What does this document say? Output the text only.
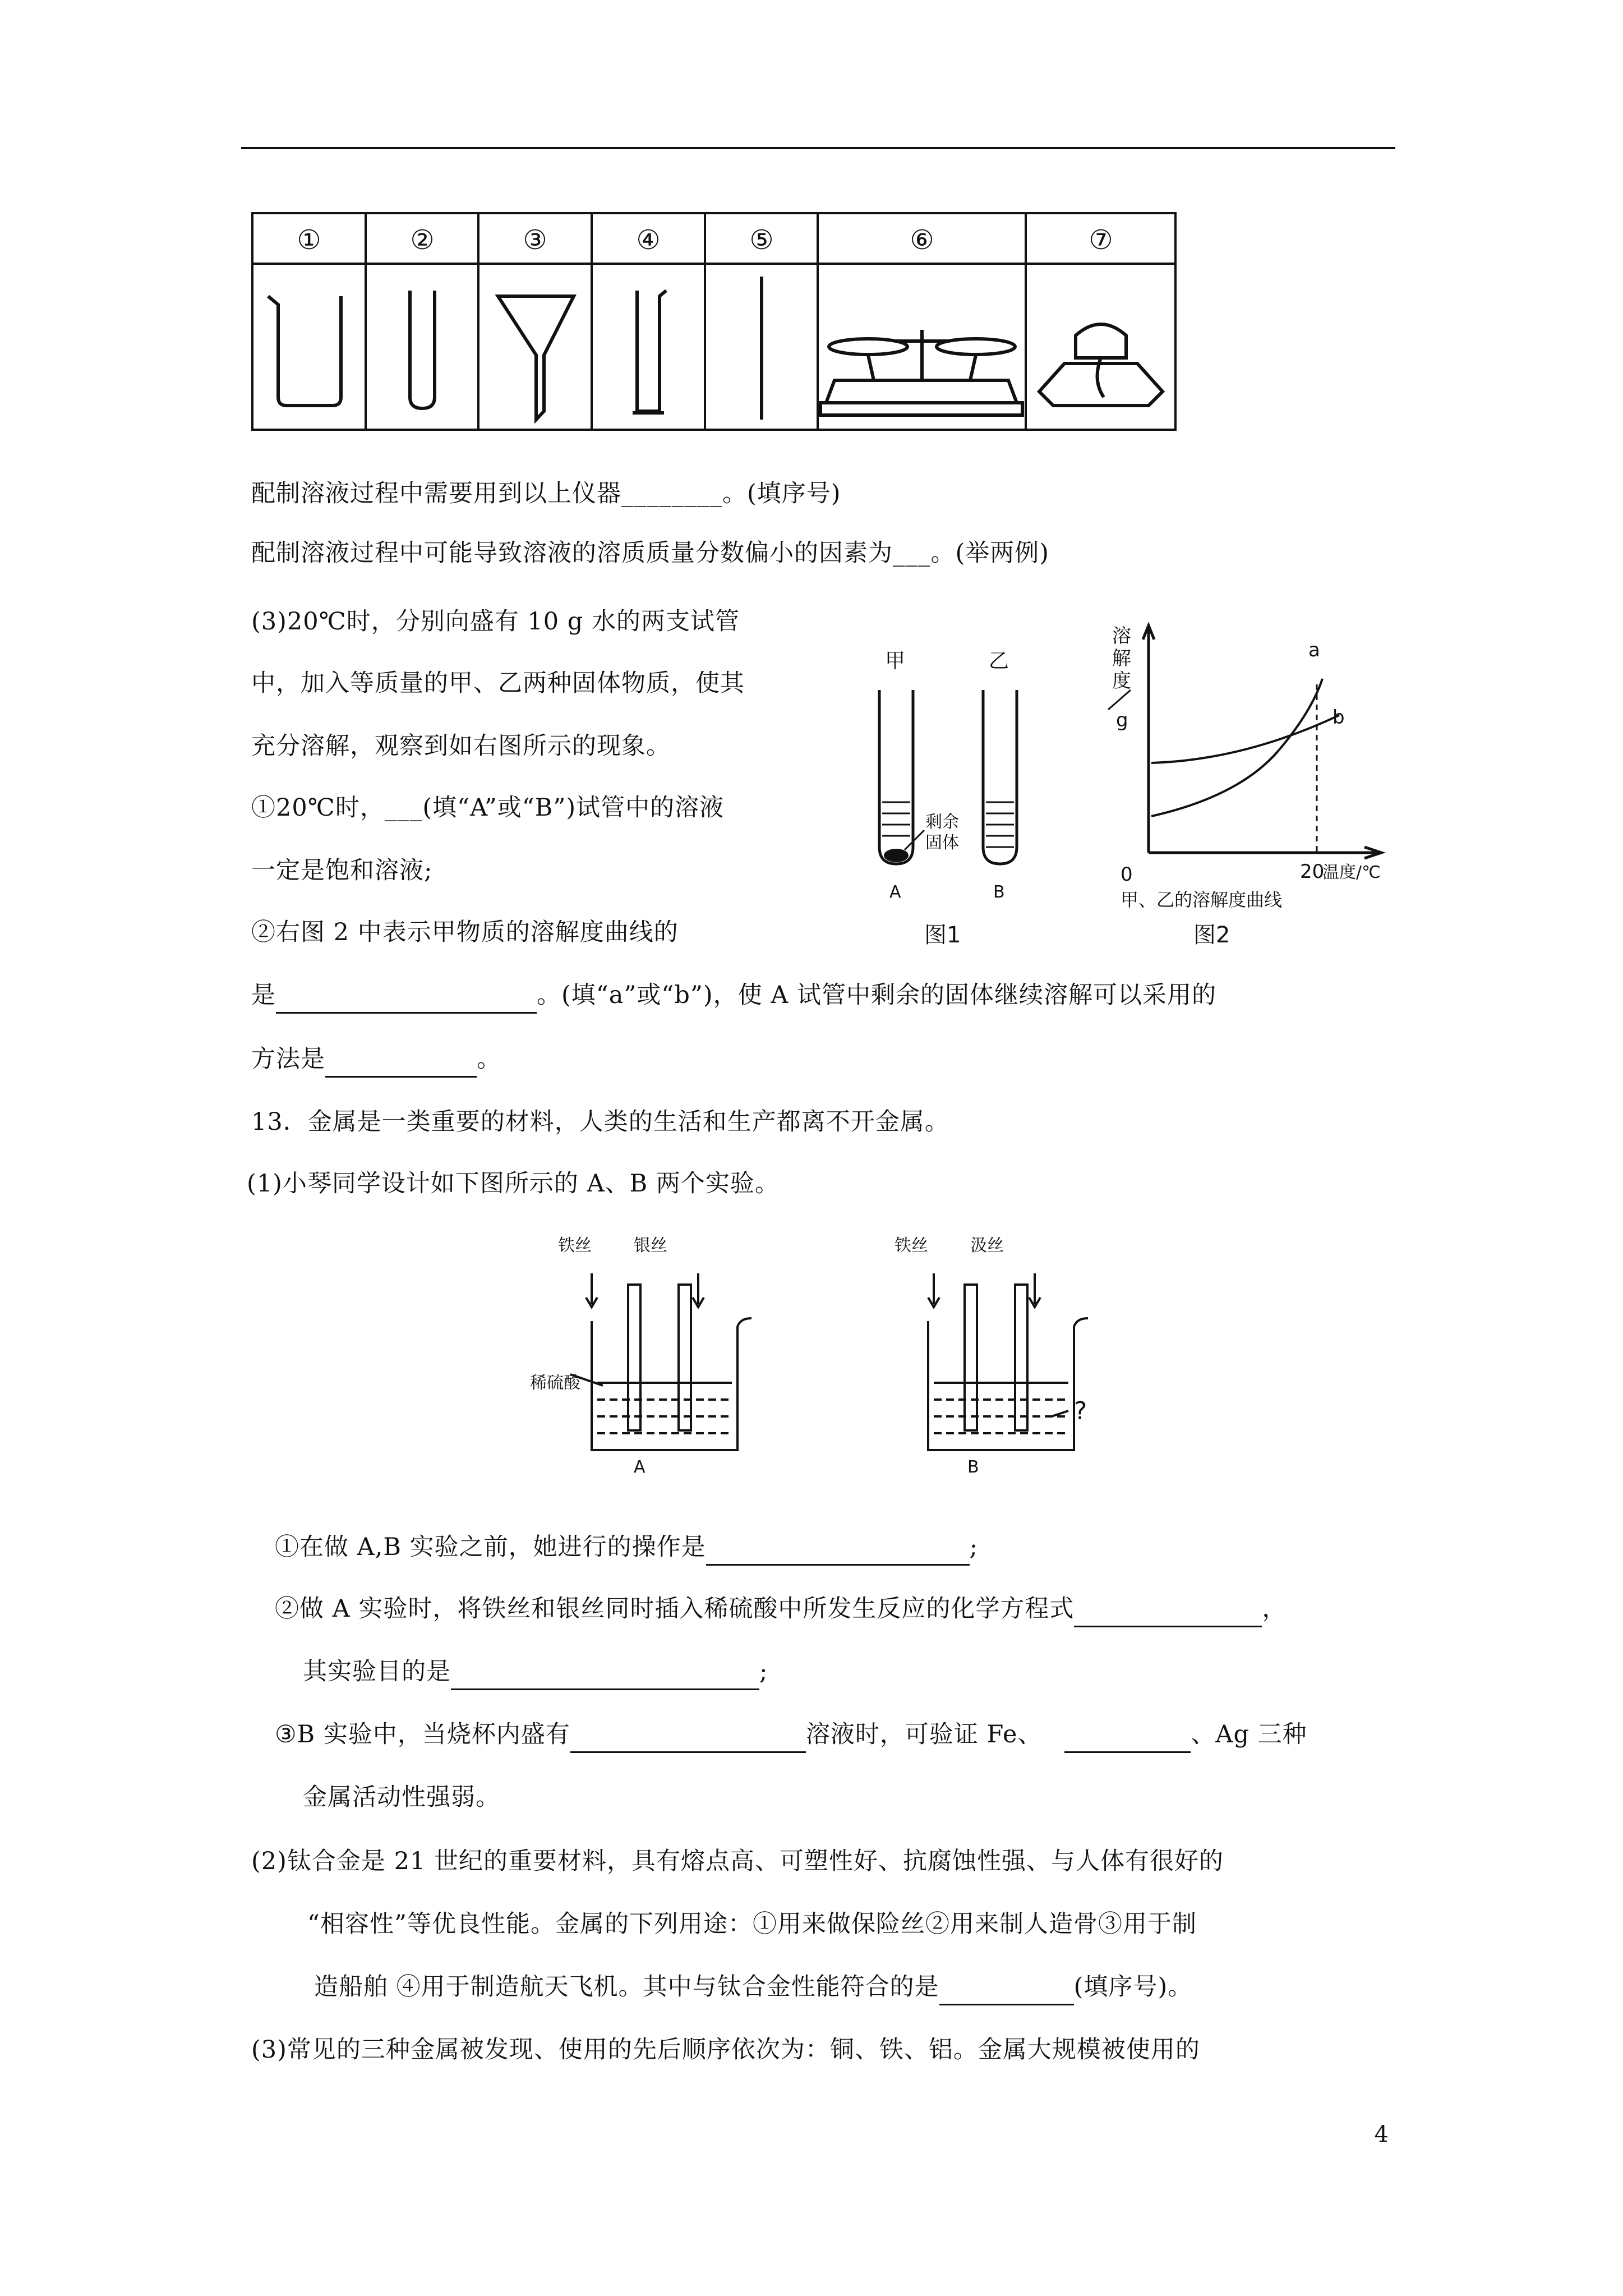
①	②	③	④	⑤	⑥	⑦
配制溶液过程中需要用到以上仪器________。(填序号)
配制溶液过程中可能导致溶液的溶质质量分数偏小的因素为___。(举两例)
(3)20℃时，分别向盛有 10 g 水的两支试管
中，加入等质量的甲、乙两种固体物质，使其
充分溶解，观察到如右图所示的现象。
①20℃时，___(填“A”或“B”)试管中的溶液
一定是饱和溶液;
②右图 2 中表示甲物质的溶解度曲线的
甲	乙
剩余
固体
A	B
图1
溶
解
度
g
a
b
0	20
温度/℃
甲、乙的溶解度曲线
图2
是	。(填“a”或“b”)，使 A 试管中剩余的固体继续溶解可以采用的
方法是	。
13．金属是一类重要的材料，人类的生活和生产都离不开金属。
(1)小琴同学设计如下图所示的 A、B 两个实验。
铁丝	银丝	铁丝	汲丝
稀硫酸
A	B
?
①在做 A,B 实验之前，她进行的操作是	;
②做 A 实验时，将铁丝和银丝同时插入稀硫酸中所发生反应的化学方程式	，
其实验目的是	;
③B 实验中，当烧杯内盛有	溶液时，可验证 Fe、	、Ag 三种
金属活动性强弱。
(2)钛合金是 21 世纪的重要材料，具有熔点高、可塑性好、抗腐蚀性强、与人体有很好的
“相容性”等优良性能。金属的下列用途：①用来做保险丝②用来制人造骨③用于制
造船舶 ④用于制造航天飞机。其中与钛合金性能符合的是	(填序号)。
(3)常见的三种金属被发现、使用的先后顺序依次为：铜、铁、铝。金属大规模被使用的
4
